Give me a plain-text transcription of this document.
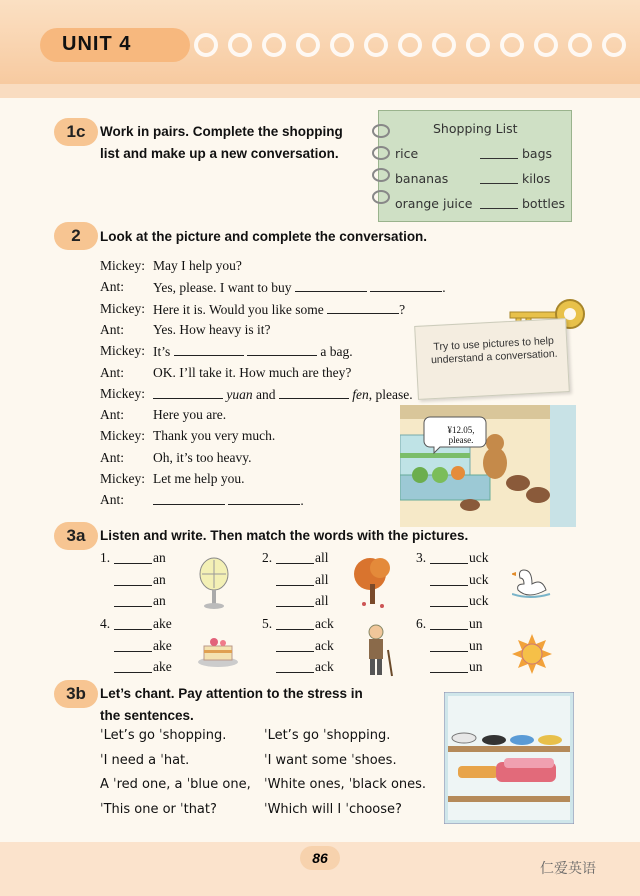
UNIT 4
1c	Work in pairs. Complete the shopping
list and make up a new conversation.
Shopping List
rice	bags
bananas	kilos
orange juice	bottles
2	Look at the picture and complete the conversation.
Mickey: May I help you?
Ant: Yes, please. I want to buy	.
Mickey: Here it is. Would you like some	?
Ant: Yes. How heavy is it?
Mickey: It’s	a bag.
Ant: OK. I’ll take it. How much are they?
Mickey:	yuan and	fen, please.
Ant: Here you are.
Mickey: Thank you very much.
Ant: Oh, it’s too heavy.
Mickey: Let me help you.
Ant:	.
Try to use pictures to help understand a conversation.
¥12.05, please.
3a	Listen and write. Then match the words with the pictures.
1.	an
an
an
2.	all
all
all
3.	uck
uck
uck
4.	ake
ake
ake
5.	ack
ack
ack
6.	un
un
un
3b	Let’s chant. Pay attention to the stress in
the sentences.
ˈLet’s go ˈshopping.
ˈI need a ˈhat.
A ˈred one, a ˈblue one,
ˈThis one or ˈthat?
ˈLet’s go ˈshopping.
ˈI want some ˈshoes.
ˈWhite ones, ˈblack ones.
ˈWhich will I ˈchoose?
86
仁爱英语
